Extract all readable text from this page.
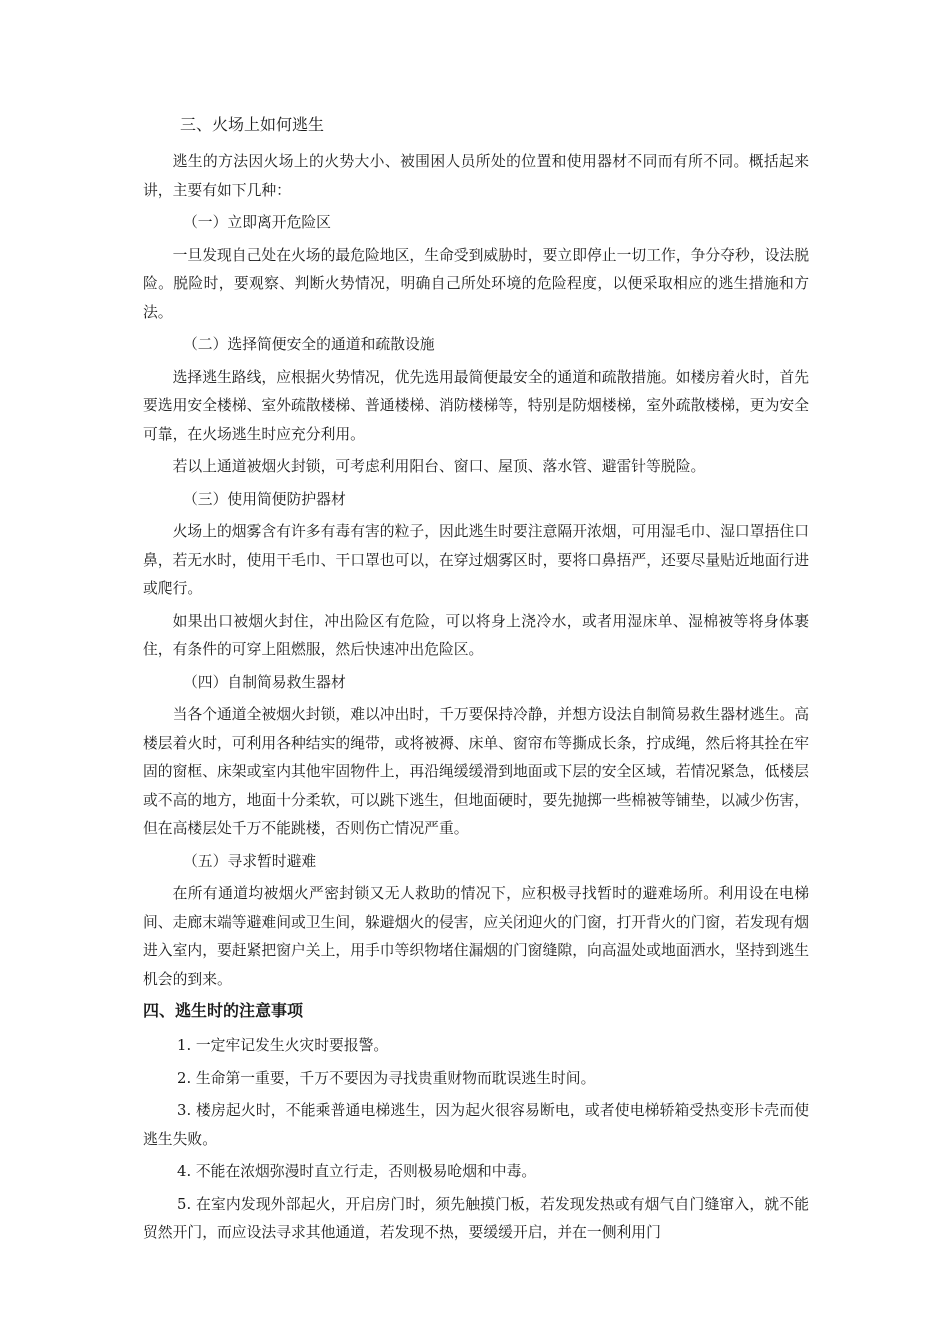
三、火场上如何逃生

逃生的方法因火场上的火势大小、被围困人员所处的位置和使用器材不同而有所不同。概括起来讲，主要有如下几种：

（一）立即离开危险区

一旦发现自己处在火场的最危险地区，生命受到威胁时，要立即停止一切工作，争分夺秒，设法脱险。脱险时，要观察、判断火势情况，明确自己所处环境的危险程度，以便采取相应的逃生措施和方法。

（二）选择简便安全的通道和疏散设施

选择逃生路线，应根据火势情况，优先选用最简便最安全的通道和疏散措施。如楼房着火时，首先要选用安全楼梯、室外疏散楼梯、普通楼梯、消防楼梯等，特别是防烟楼梯，室外疏散楼梯，更为安全可靠，在火场逃生时应充分利用。

若以上通道被烟火封锁，可考虑利用阳台、窗口、屋顶、落水管、避雷针等脱险。

（三）使用简便防护器材

火场上的烟雾含有许多有毒有害的粒子，因此逃生时要注意隔开浓烟，可用湿毛巾、湿口罩捂住口鼻，若无水时，使用干毛巾、干口罩也可以，在穿过烟雾区时，要将口鼻捂严，还要尽量贴近地面行进或爬行。

如果出口被烟火封住，冲出险区有危险，可以将身上浇冷水，或者用湿床单、湿棉被等将身体裹住，有条件的可穿上阻燃服，然后快速冲出危险区。

（四）自制简易救生器材

当各个通道全被烟火封锁，难以冲出时，千万要保持冷静，并想方设法自制简易救生器材逃生。高楼层着火时，可利用各种结实的绳带，或将被褥、床单、窗帘布等撕成长条，拧成绳，然后将其拴在牢固的窗框、床架或室内其他牢固物件上，再沿绳缓缓滑到地面或下层的安全区域，若情况紧急，低楼层或不高的地方，地面十分柔软，可以跳下逃生，但地面硬时，要先抛掷一些棉被等铺垫，以减少伤害，但在高楼层处千万不能跳楼，否则伤亡情况严重。

（五）寻求暂时避难

在所有通道均被烟火严密封锁又无人救助的情况下，应积极寻找暂时的避难场所。利用设在电梯间、走廊末端等避难间或卫生间，躲避烟火的侵害，应关闭迎火的门窗，打开背火的门窗，若发现有烟进入室内，要赶紧把窗户关上，用手巾等织物堵住漏烟的门窗缝隙，向高温处或地面洒水，坚持到逃生机会的到来。

四、逃生时的注意事项

1. 一定牢记发生火灾时要报警。

2. 生命第一重要，千万不要因为寻找贵重财物而耽误逃生时间。

3. 楼房起火时，不能乘普通电梯逃生，因为起火很容易断电，或者使电梯轿箱受热变形卡壳而使逃生失败。

4. 不能在浓烟弥漫时直立行走，否则极易呛烟和中毒。

5. 在室内发现外部起火，开启房门时，须先触摸门板，若发现发热或有烟气自门缝窜入，就不能贸然开门，而应设法寻求其他通道，若发现不热，要缓缓开启，并在一侧利用门
